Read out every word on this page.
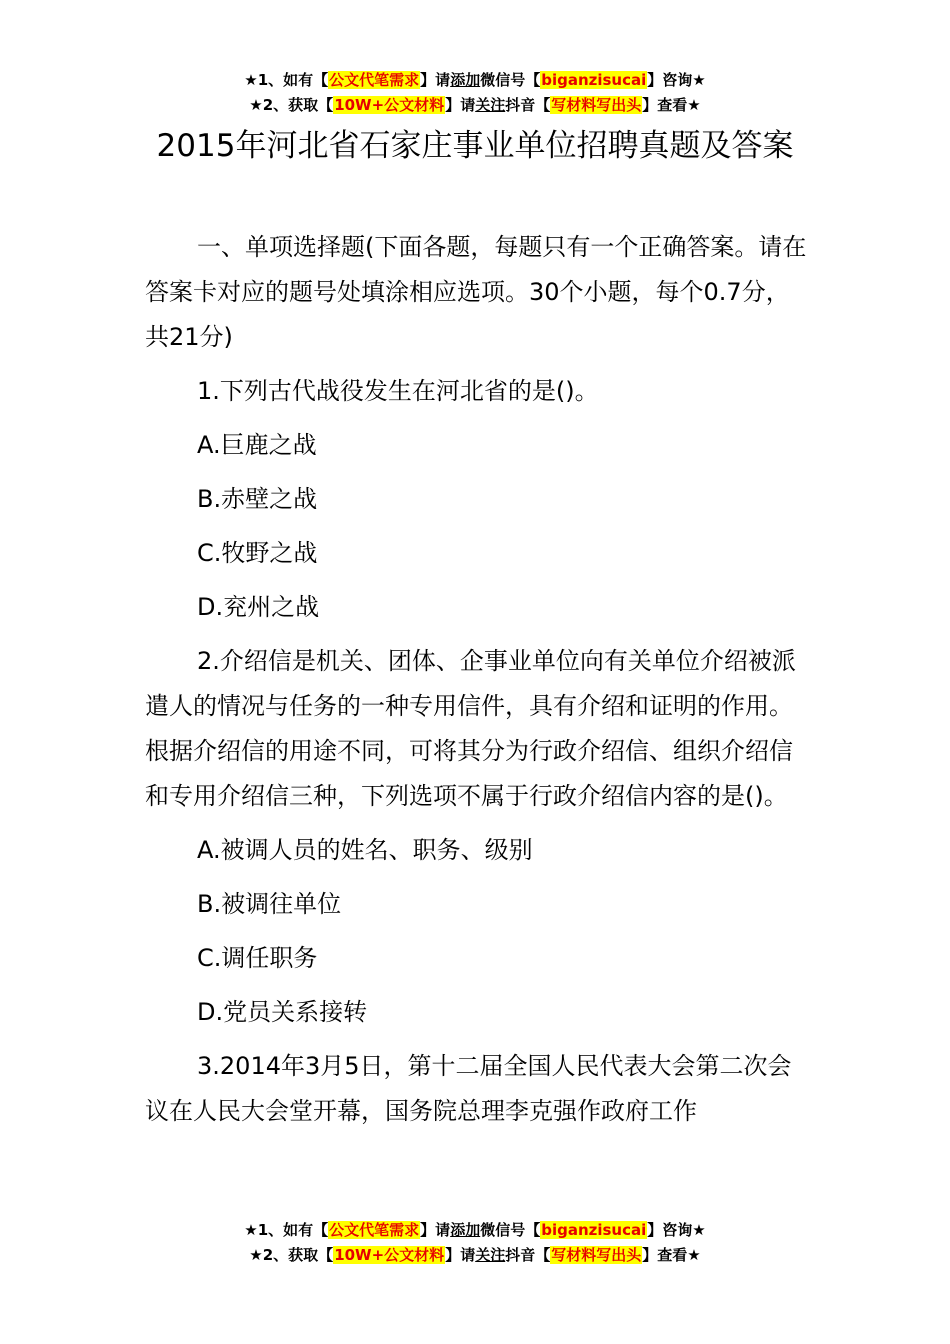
★1、如有【公文代笔需求】请添加微信号【biganzisucai】咨询★
★2、获取【10W+公文材料】请关注抖音【写材料写出头】查看★
2015年河北省石家庄事业单位招聘真题及答案

一、单项选择题(下面各题，每题只有一个正确答案。请在答案卡对应的题号处填涂相应选项。30个小题，每个0.7分，共21分)

1.下列古代战役发生在河北省的是()。

A.巨鹿之战

B.赤壁之战

C.牧野之战

D.兖州之战

2.介绍信是机关、团体、企事业单位向有关单位介绍被派遣人的情况与任务的一种专用信件，具有介绍和证明的作用。根据介绍信的用途不同，可将其分为行政介绍信、组织介绍信和专用介绍信三种，下列选项不属于行政介绍信内容的是()。

A.被调人员的姓名、职务、级别

B.被调往单位

C.调任职务

D.党员关系接转

3.2014年3月5日，第十二届全国人民代表大会第二次会议在人民大会堂开幕，国务院总理李克强作政府工作

★1、如有【公文代笔需求】请添加微信号【biganzisucai】咨询★
★2、获取【10W+公文材料】请关注抖音【写材料写出头】查看★
